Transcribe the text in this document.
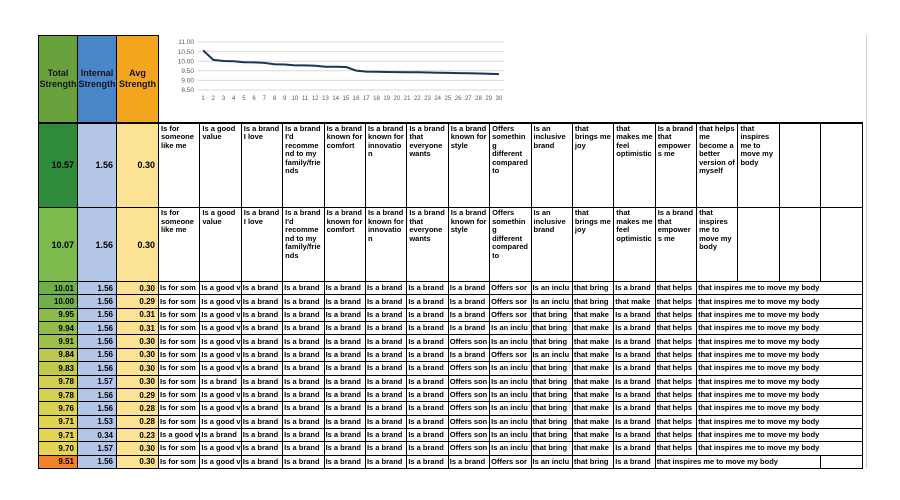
Total Strength	Internal Strength	Avg Strength																	
10.57	1.56	0.30	Is for someone like me	Is a good value	Is a brand I love	Is a brand I'd recommend to my family/friends	Is a brand known for comfort	Is a brand known for innovation	Is a brand that everyone wants	Is a brand known for style	Offers something different compared to	Is an inclusive brand	that brings me joy	that makes me feel optimistic	Is a brand that empowers me	that helps me become a better version of myself	that inspires me to move my body		
10.07	1.56	0.30	Is for someone like me	Is a good value	Is a brand I love	Is a brand I'd recommend to my family/friends	Is a brand known for comfort	Is a brand known for innovation	Is a brand that everyone wants	Is a brand known for style	Offers something different compared to	Is an inclusive brand	that brings me joy	that makes me feel optimistic	Is a brand that empowers me	that inspires me to move my body			
10.01	1.56	0.30	Is for som	Is a good v	Is a brand	Is a brand	Is a brand	Is a brand	Is a brand	Is a brand	Offers sor	Is an inclu	that bring	Is a brand	that helps	that inspires me to move my body			
10.00	1.56	0.29	Is for som	Is a good v	Is a brand	Is a brand	Is a brand	Is a brand	Is a brand	Is a brand	Offers sor	Is an inclu	that bring	that make	that helps	that inspires me to move my body			
9.95	1.56	0.31	Is for som	Is a good v	Is a brand	Is a brand	Is a brand	Is a brand	Is a brand	Is a brand	Offers sor	that bring	that make	Is a brand	that helps	that inspires me to move my body			
9.94	1.56	0.31	Is for som	Is a good v	Is a brand	Is a brand	Is a brand	Is a brand	Is a brand	Is a brand	Is an inclu	that bring	that make	Is a brand	that helps	that inspires me to move my body			
9.91	1.56	0.30	Is for som	Is a good v	Is a brand	Is a brand	Is a brand	Is a brand	Is a brand	Offers son	Is an inclu	that bring	that make	Is a brand	that helps	that inspires me to move my body			
9.84	1.56	0.30	Is for som	Is a good v	Is a brand	Is a brand	Is a brand	Is a brand	Is a brand	Is a brand	Offers sor	Is an inclu	that make	Is a brand	that helps	that inspires me to move my body			
9.83	1.56	0.30	Is for som	Is a good v	Is a brand	Is a brand	Is a brand	Is a brand	Is a brand	Offers son	Is an inclu	that bring	that make	Is a brand	that helps	that inspires me to move my body			
9.78	1.57	0.30	Is for som	Is a brand	Is a brand	Is a brand	Is a brand	Is a brand	Is a brand	Offers son	Is an inclu	that bring	that make	Is a brand	that helps	that inspires me to move my body			
9.78	1.56	0.29	Is for som	Is a good v	Is a brand	Is a brand	Is a brand	Is a brand	Is a brand	Offers son	Is an inclu	that bring	that make	Is a brand	that helps	that inspires me to move my body			
9.76	1.56	0.28	Is for som	Is a good v	Is a brand	Is a brand	Is a brand	Is a brand	Is a brand	Offers son	Is an inclu	that bring	that make	Is a brand	that helps	that inspires me to move my body			
9.71	1.53	0.28	Is for som	Is a good v	Is a brand	Is a brand	Is a brand	Is a brand	Is a brand	Offers son	Is an inclu	that bring	that make	Is a brand	that helps	that inspires me to move my body			
9.71	0.34	0.23	Is a good v	Is a brand	Is a brand	Is a brand	Is a brand	Is a brand	Is a brand	Offers son	Is an inclu	that bring	that make	Is a brand	that helps	that inspires me to move my body			
9.70	1.57	0.30	Is for som	Is a good v	Is a brand	Is a brand	Is a brand	Is a brand	Is a brand	Offers son	Is an inclu	that bring	that make	Is a brand	that helps	that inspires me to move my body			
9.51	1.56	0.30	Is for som	Is a good v	Is a brand	Is a brand	Is a brand	Is a brand	Is a brand	Is a brand	Offers sor	Is an inclu	that bring	Is a brand	that inspires me to move my body				
11.00
10.50
10.00
9.50
9.00
8.50
1 2 3 4 5 6 7 8 9 10 11 12 13 14 15 16 17 18 19 20 21 22 23 24 25 26 27 28 29 30
